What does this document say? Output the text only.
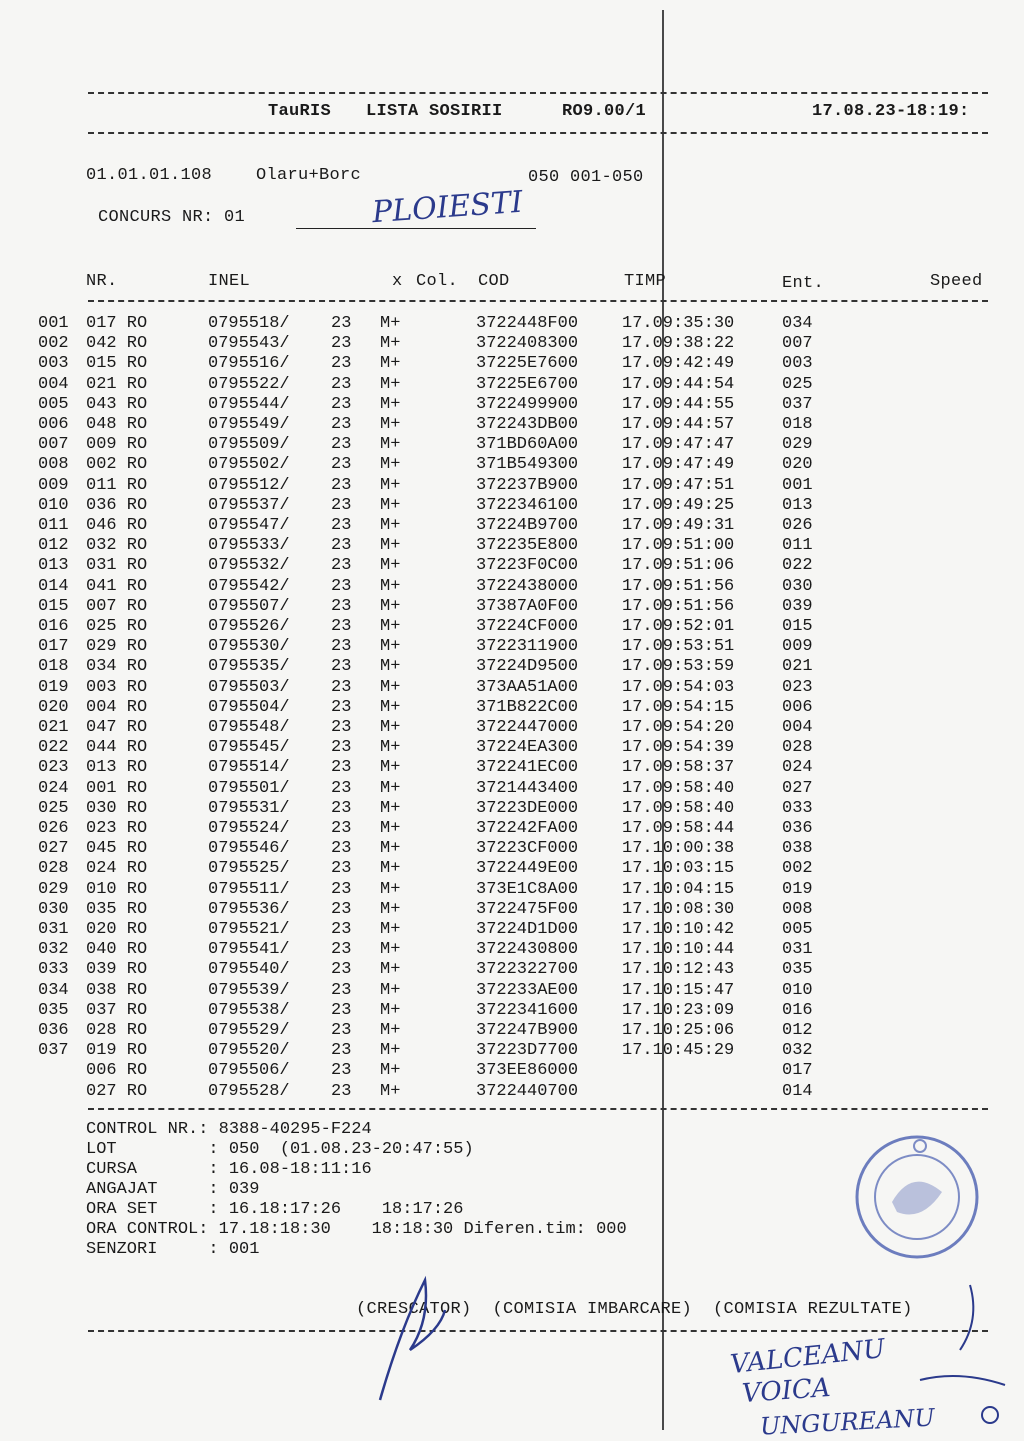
TauRIS LISTA SOSIRII	RO9.00/1	17.08.23-18:19:
01.01.01.108	Olaru+Borc	050 001-050
CONCURS NR: 01	PLOIESTI
NR.	INEL	x Col. COD	TIMP	Ent.	Speed
001 017 RO	0795518/ 23 M+	3722448F00	17.09:35:30	034
002 042 RO	0795543/ 23 M+	3722408300	17.09:38:22	007
003 015 RO	0795516/ 23 M+	37225E7600	17.09:42:49	003
004 021 RO	0795522/ 23 M+	37225E6700	17.09:44:54	025
005 043 RO	0795544/ 23 M+	3722499900	17.09:44:55	037
006 048 RO	0795549/ 23 M+	372243DB00	17.09:44:57	018
007 009 RO	0795509/ 23 M+	371BD60A00	17.09:47:47	029
008 002 RO	0795502/ 23 M+	371B549300	17.09:47:49	020
009 011 RO	0795512/ 23 M+	372237B900	17.09:47:51	001
010 036 RO	0795537/ 23 M+	3722346100	17.09:49:25	013
011 046 RO	0795547/ 23 M+	37224B9700	17.09:49:31	026
012 032 RO	0795533/ 23 M+	372235E800	17.09:51:00	011
013 031 RO	0795532/ 23 M+	37223F0C00	17.09:51:06	022
014 041 RO	0795542/ 23 M+	3722438000	17.09:51:56	030
015 007 RO	0795507/ 23 M+	37387A0F00	17.09:51:56	039
016 025 RO	0795526/ 23 M+	37224CF000	17.09:52:01	015
017 029 RO	0795530/ 23 M+	3722311900	17.09:53:51	009
018 034 RO	0795535/ 23 M+	37224D9500	17.09:53:59	021
019 003 RO	0795503/ 23 M+	373AA51A00	17.09:54:03	023
020 004 RO	0795504/ 23 M+	371B822C00	17.09:54:15	006
021 047 RO	0795548/ 23 M+	3722447000	17.09:54:20	004
022 044 RO	0795545/ 23 M+	37224EA300	17.09:54:39	028
023 013 RO	0795514/ 23 M+	372241EC00	17.09:58:37	024
024 001 RO	0795501/ 23 M+	3721443400	17.09:58:40	027
025 030 RO	0795531/ 23 M+	37223DE000	17.09:58:40	033
026 023 RO	0795524/ 23 M+	372242FA00	17.09:58:44	036
027 045 RO	0795546/ 23 M+	37223CF000	17.10:00:38	038
028 024 RO	0795525/ 23 M+	3722449E00	17.10:03:15	002
029 010 RO	0795511/ 23 M+	373E1C8A00	17.10:04:15	019
030 035 RO	0795536/ 23 M+	3722475F00	17.10:08:30	008
031 020 RO	0795521/ 23 M+	37224D1D00	17.10:10:42	005
032 040 RO	0795541/ 23 M+	3722430800	17.10:10:44	031
033 039 RO	0795540/ 23 M+	3722322700	17.10:12:43	035
034 038 RO	0795539/ 23 M+	372233AE00	17.10:15:47	010
035 037 RO	0795538/ 23 M+	3722341600	17.10:23:09	016
036 028 RO	0795529/ 23 M+	372247B900	17.10:25:06	012
037 019 RO	0795520/ 23 M+	37223D7700	17.10:45:29	032
006 RO	0795506/ 23 M+	373EE86000	017
027 RO	0795528/ 23 M+	3722440700	014
CONTROL NR.: 8388-40295-F224
LOT         : 050  (01.08.23-20:47:55)
CURSA       : 16.08-18:11:16
ANGAJAT     : 039
ORA SET     : 16.18:17:26    18:17:26
ORA CONTROL: 17.18:18:30    18:18:30 Diferen.tim: 000
SENZORI     : 001
(CRESCATOR)  (COMISIA IMBARCARE)  (COMISIA REZULTATE)
VALCEANU
VOICA
UNGUREANU
